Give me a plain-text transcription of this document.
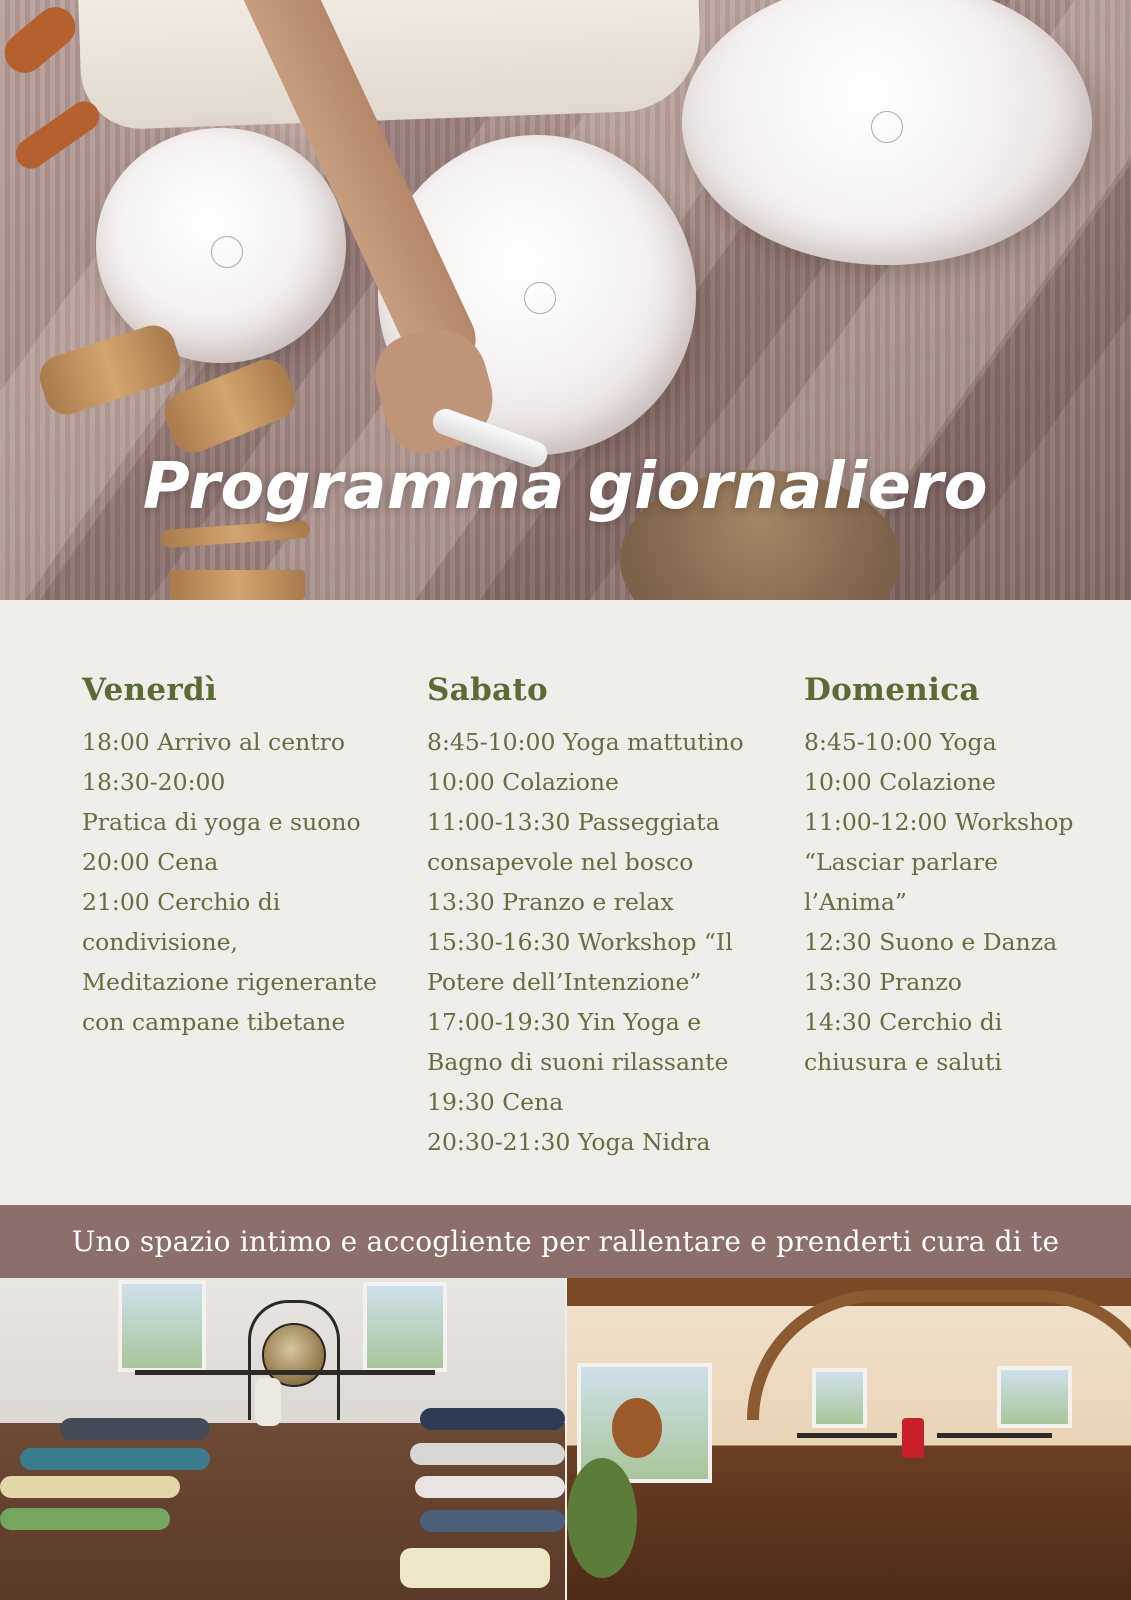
Programma giornaliero
Venerdì
18:00 Arrivo al centro
18:30-20:00
Pratica di yoga e suono
20:00 Cena
21:00 Cerchio di
condivisione,
Meditazione rigenerante
con campane tibetane
Sabato
8:45-10:00 Yoga mattutino
10:00 Colazione
11:00-13:30 Passeggiata
consapevole nel bosco
13:30 Pranzo e relax
15:30-16:30 Workshop “Il
Potere dell’Intenzione”
17:00-19:30 Yin Yoga e
Bagno di suoni rilassante
19:30 Cena
20:30-21:30 Yoga Nidra
Domenica
8:45-10:00 Yoga
10:00 Colazione
11:00-12:00 Workshop
“Lasciar parlare
l’Anima”
12:30 Suono e Danza
13:30 Pranzo
14:30 Cerchio di
chiusura e saluti
Uno spazio intimo e accogliente per rallentare e prenderti cura di te
